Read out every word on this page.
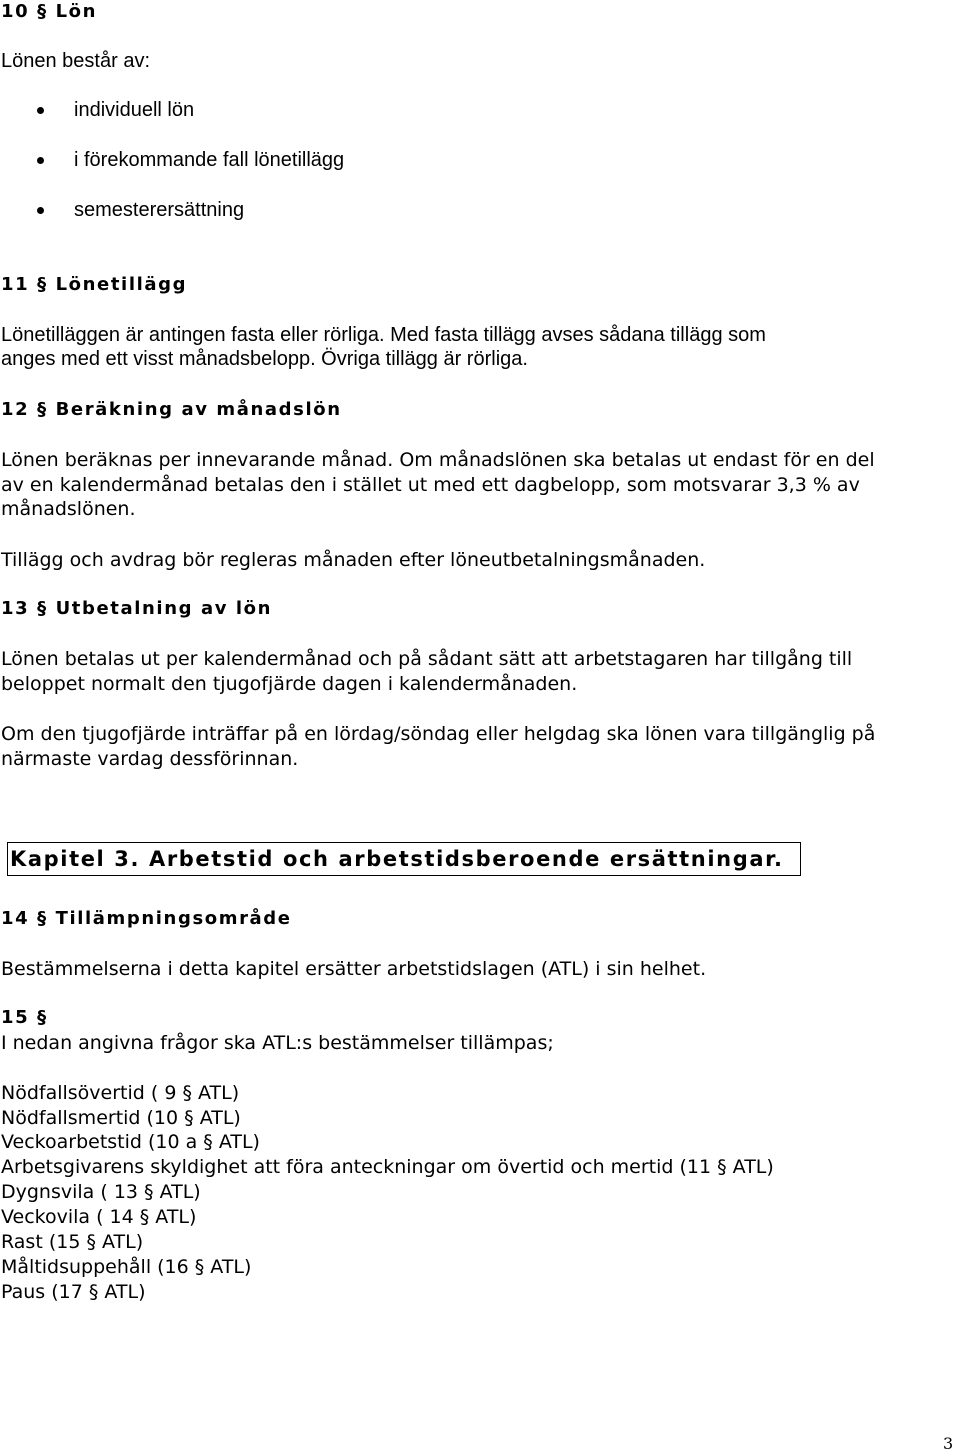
10 § Lön
Lönen består av:
individuell lön
i förekommande fall lönetillägg
semesterersättning
11 § Lönetillägg
Lönetilläggen är antingen fasta eller rörliga. Med fasta tillägg avses sådana tillägg som
anges med ett visst månadsbelopp. Övriga tillägg är rörliga.
12 § Beräkning av månadslön
Lönen beräknas per innevarande månad. Om månadslönen ska betalas ut endast för en del
av en kalendermånad betalas den i stället ut med ett dagbelopp, som motsvarar 3,3 % av
månadslönen.
Tillägg och avdrag bör regleras månaden efter löneutbetalningsmånaden.
13 § Utbetalning av lön
Lönen betalas ut per kalendermånad och på sådant sätt att arbetstagaren har tillgång till
beloppet normalt den tjugofjärde dagen i kalendermånaden.
Om den tjugofjärde inträffar på en lördag/söndag eller helgdag ska lönen vara tillgänglig på
närmaste vardag dessförinnan.
Kapitel 3. Arbetstid och arbetstidsberoende ersättningar.
14 § Tillämpningsområde
Bestämmelserna i detta kapitel ersätter arbetstidslagen (ATL) i sin helhet.
15 §
I nedan angivna frågor ska ATL:s bestämmelser tillämpas;
Nödfallsövertid ( 9 § ATL)
Nödfallsmertid (10 § ATL)
Veckoarbetstid (10 a § ATL)
Arbetsgivarens skyldighet att föra anteckningar om övertid och mertid (11 § ATL)
Dygnsvila ( 13 § ATL)
Veckovila ( 14 § ATL)
Rast (15 § ATL)
Måltidsuppehåll (16 § ATL)
Paus (17 § ATL)
3
